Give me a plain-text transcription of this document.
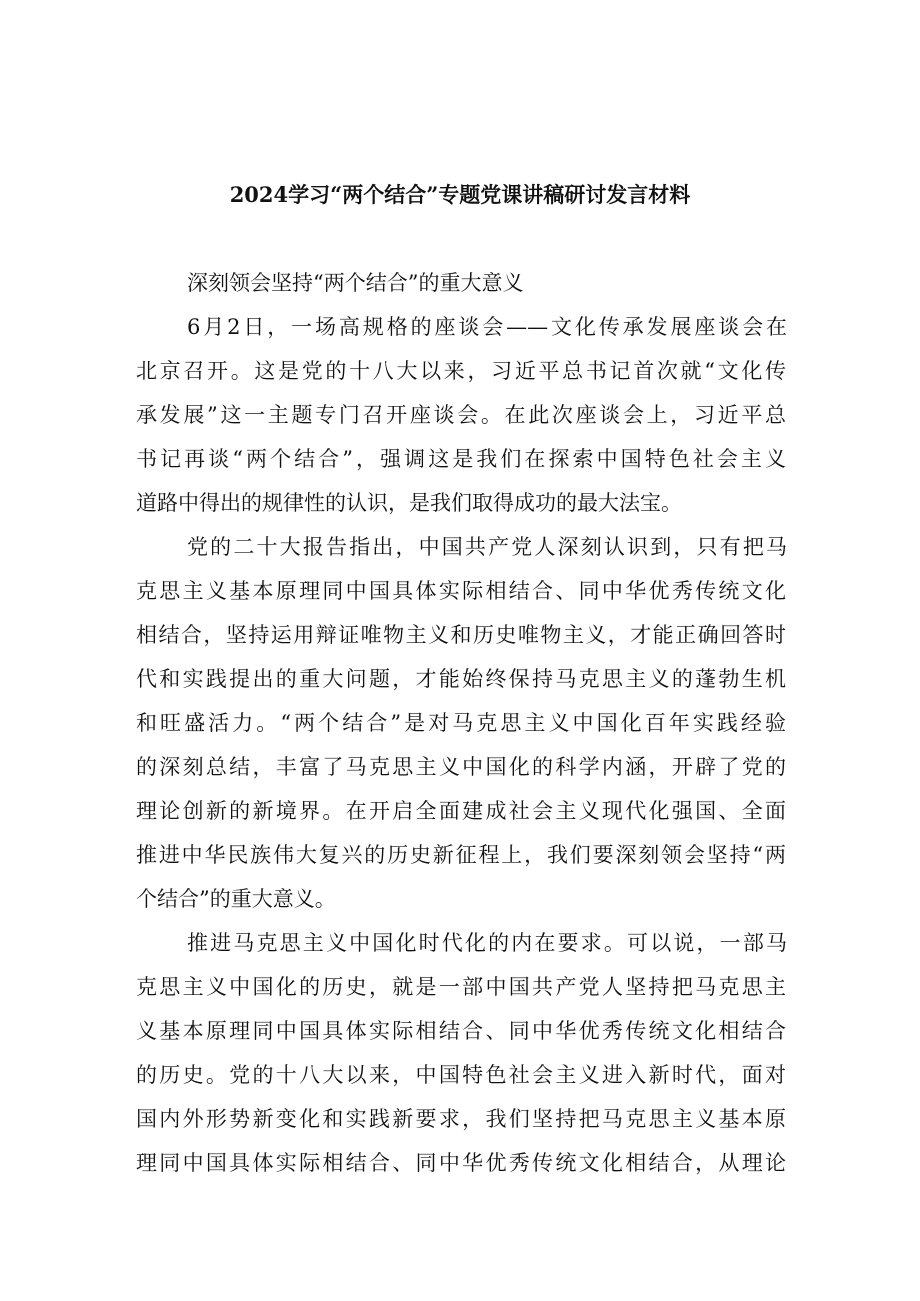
2024学习“两个结合”专题党课讲稿研讨发言材料

深刻领会坚持“两个结合”的重大意义

6月2日，一场高规格的座谈会——文化传承发展座谈会在

北京召开。这是党的十八大以来，习近平总书记首次就“文化传

承发展”这一主题专门召开座谈会。在此次座谈会上，习近平总

书记再谈“两个结合”，强调这是我们在探索中国特色社会主义

道路中得出的规律性的认识，是我们取得成功的最大法宝。

党的二十大报告指出，中国共产党人深刻认识到，只有把马

克思主义基本原理同中国具体实际相结合、同中华优秀传统文化

相结合，坚持运用辩证唯物主义和历史唯物主义，才能正确回答时

代和实践提出的重大问题，才能始终保持马克思主义的蓬勃生机

和旺盛活力。“两个结合”是对马克思主义中国化百年实践经验

的深刻总结，丰富了马克思主义中国化的科学内涵，开辟了党的

理论创新的新境界。在开启全面建成社会主义现代化强国、全面

推进中华民族伟大复兴的历史新征程上，我们要深刻领会坚持“两

个结合”的重大意义。

推进马克思主义中国化时代化的内在要求。可以说，一部马

克思主义中国化的历史，就是一部中国共产党人坚持把马克思主

义基本原理同中国具体实际相结合、同中华优秀传统文化相结合

的历史。党的十八大以来，中国特色社会主义进入新时代，面对

国内外形势新变化和实践新要求，我们坚持把马克思主义基本原

理同中国具体实际相结合、同中华优秀传统文化相结合，从理论
